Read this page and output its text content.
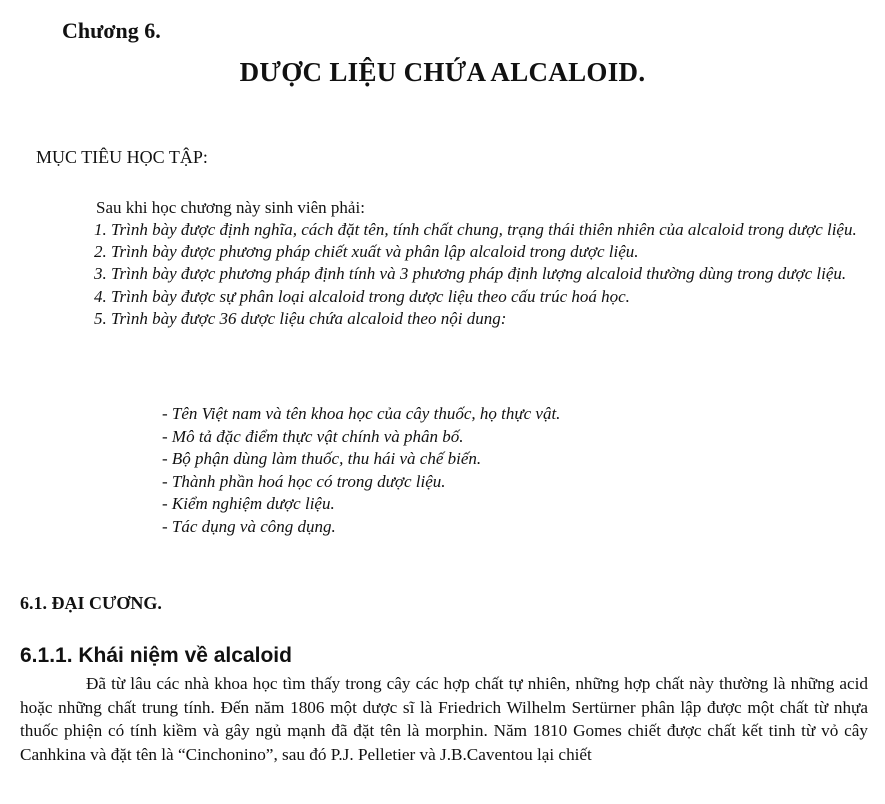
Chương 6.
DƯỢC LIỆU CHỨA ALCALOID.
MỤC TIÊU HỌC TẬP:
Sau khi học chương này sinh viên phải:
1. Trình bày được định nghĩa, cách đặt tên, tính chất chung, trạng thái thiên nhiên của alcaloid trong dược liệu.
2. Trình bày được phương pháp chiết xuất và phân lập alcaloid trong dược liệu.
3. Trình bày được phương pháp định tính và 3 phương pháp định lượng alcaloid thường dùng trong dược liệu.
4. Trình bày được sự phân loại alcaloid trong dược liệu theo cấu trúc hoá học.
5. Trình bày được 36 dược liệu chứa alcaloid theo nội dung:
- Tên Việt nam và tên khoa học của cây thuốc, họ thực vật.
- Mô tả đặc điểm thực vật chính và phân bố.
- Bộ phận dùng làm thuốc, thu hái và chế biến.
- Thành phần hoá học có trong dược liệu.
- Kiểm nghiệm dược liệu.
- Tác dụng và công dụng.
6.1. ĐẠI CƯƠNG.
6.1.1. Khái niệm về alcaloid
Đã từ lâu các nhà khoa học tìm thấy trong cây các hợp chất tự nhiên, những hợp chất này thường là những acid hoặc những chất trung tính. Đến năm 1806 một dược sĩ là Friedrich Wilhelm Sertürner phân lập được một chất từ nhựa thuốc phiện có tính kiềm và gây ngủ mạnh đã đặt tên là morphin. Năm 1810 Gomes chiết được chất kết tinh từ vỏ cây Canhkina và đặt tên là “Cinchonino”, sau đó P.J. Pelletier và J.B.Caventou lại chiết
